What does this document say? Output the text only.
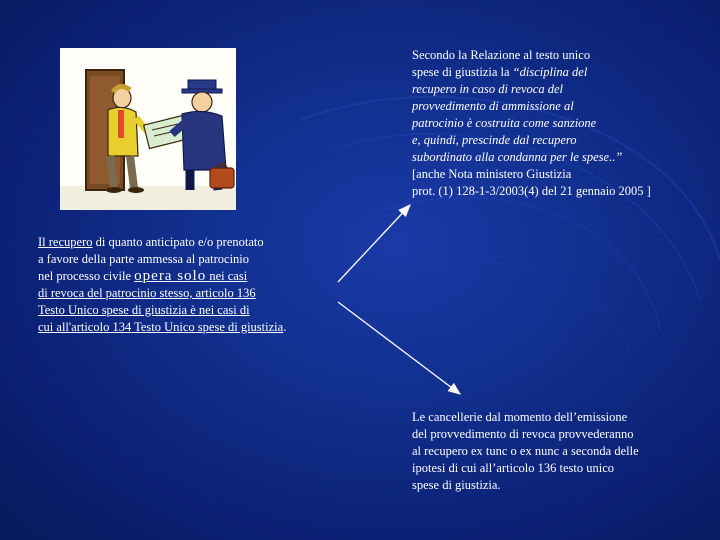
Secondo la Relazione al testo unico
spese di giustizia la “disciplina del
recupero in caso di revoca del
provvedimento di ammissione al
patrocinio è costruita come sanzione
e, quindi, prescinde dal recupero
subordinato alla condanna per le spese..”
[anche Nota ministero Giustizia
prot. (1) 128-1-3/2003(4) del 21 gennaio 2005 ]
Il recupero di quanto anticipato e/o prenotato
a favore della parte ammessa al patrocinio
nel processo civile opera solo nei casi
di revoca del patrocinio stesso, articolo 136
Testo Unico spese di giustizia è nei casi di
cui all'articolo 134 Testo Unico spese di giustizia.
Le cancellerie dal momento dell’emissione
del provvedimento di revoca provvederanno
al recupero ex tunc o ex nunc a seconda delle
ipotesi di cui all’articolo 136 testo unico
spese di giustizia.
